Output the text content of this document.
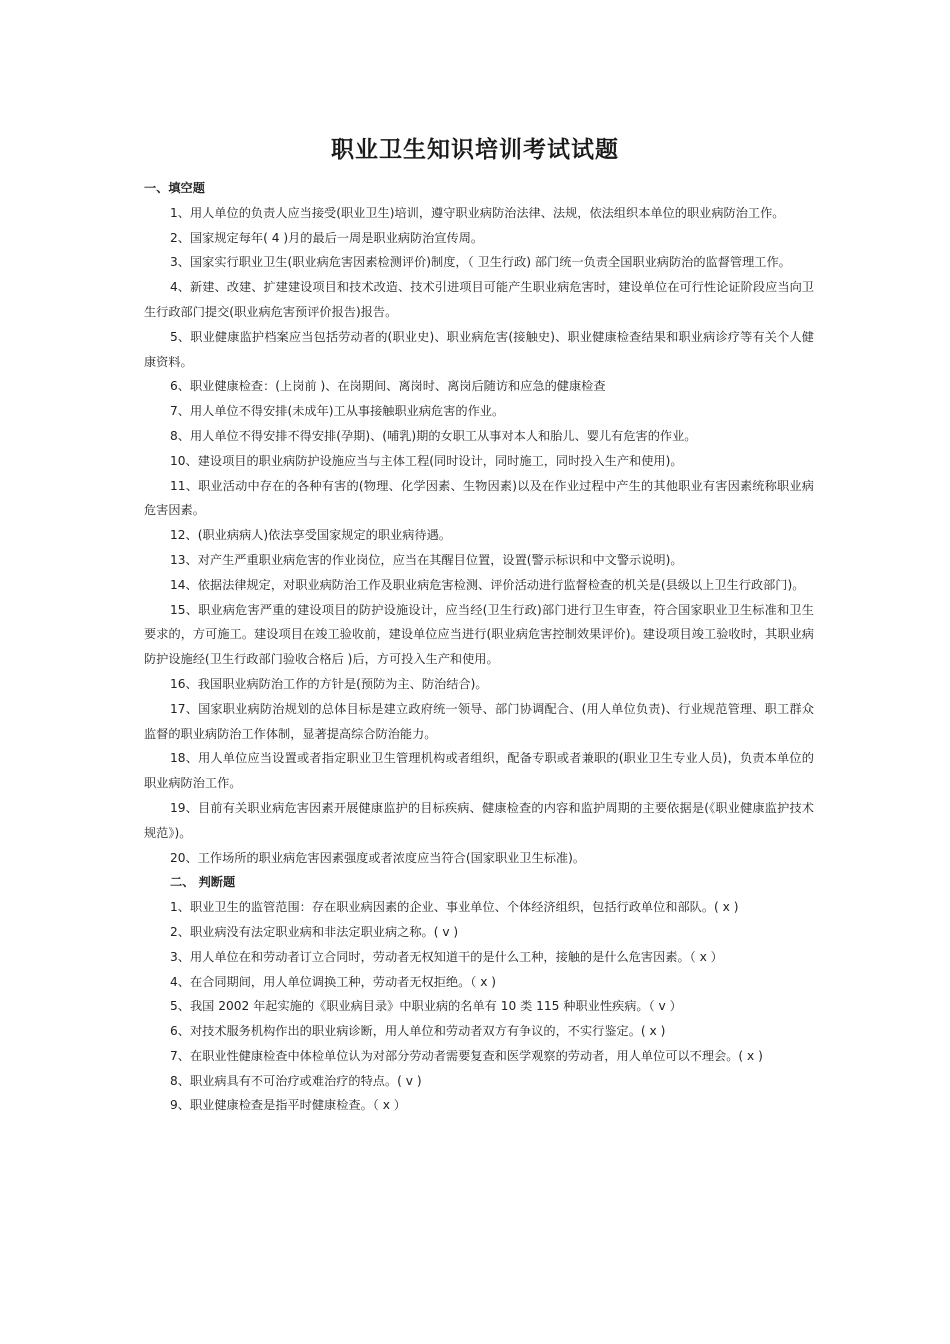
职业卫生知识培训考试试题
一、填空题

1、用人单位的负责人应当接受(职业卫生)培训，遵守职业病防治法律、法规，依法组织本单位的职业病防治工作。

2、国家规定每年( 4 )月的最后一周是职业病防治宣传周。

3、国家实行职业卫生(职业病危害因素检测评价)制度，（ 卫生行政) 部门统一负责全国职业病防治的监督管理工作。

4、新建、改建、扩建建设项目和技术改造、技术引进项目可能产生职业病危害时，建设单位在可行性论证阶段应当向卫生行政部门提交(职业病危害预评价报告)报告。

5、职业健康监护档案应当包括劳动者的(职业史)、职业病危害(接触史)、职业健康检查结果和职业病诊疗等有关个人健康资料。

6、职业健康检查：(上岗前 )、在岗期间、离岗时、离岗后随访和应急的健康检查

7、用人单位不得安排(未成年)工从事接触职业病危害的作业。

8、用人单位不得安排不得安排(孕期)、(哺乳)期的女职工从事对本人和胎儿、婴儿有危害的作业。

10、建设项目的职业病防护设施应当与主体工程(同时设计，同时施工，同时投入生产和使用)。

11、职业活动中存在的各种有害的(物理、化学因素、生物因素)以及在作业过程中产生的其他职业有害因素统称职业病危害因素。

12、(职业病病人)依法享受国家规定的职业病待遇。

13、对产生严重职业病危害的作业岗位，应当在其醒目位置，设置(警示标识和中文警示说明)。

14、依据法律规定，对职业病防治工作及职业病危害检测、评价活动进行监督检查的机关是(县级以上卫生行政部门)。

15、职业病危害严重的建设项目的防护设施设计，应当经(卫生行政)部门进行卫生审查，符合国家职业卫生标准和卫生要求的，方可施工。建设项目在竣工验收前，建设单位应当进行(职业病危害控制效果评价)。建设项目竣工验收时，其职业病防护设施经(卫生行政部门验收合格后 )后，方可投入生产和使用。

16、我国职业病防治工作的方针是(预防为主、防治结合)。

17、国家职业病防治规划的总体目标是建立政府统一领导、部门协调配合、(用人单位负责)、行业规范管理、职工群众监督的职业病防治工作体制，显著提高综合防治能力。

18、用人单位应当设置或者指定职业卫生管理机构或者组织，配备专职或者兼职的(职业卫生专业人员)，负责本单位的职业病防治工作。

19、目前有关职业病危害因素开展健康监护的目标疾病、健康检查的内容和监护周期的主要依据是(《职业健康监护技术规范》)。

20、工作场所的职业病危害因素强度或者浓度应当符合(国家职业卫生标准)。

二、 判断题

1、职业卫生的监管范围：存在职业病因素的企业、事业单位、个体经济组织，包括行政单位和部队。( x )

2、职业病没有法定职业病和非法定职业病之称。( v )

3、用人单位在和劳动者订立合同时，劳动者无权知道干的是什么工种，接触的是什么危害因素。（ x ）

4、在合同期间，用人单位调换工种，劳动者无权拒绝。（ x )

5、我国 2002 年起实施的《职业病目录》中职业病的名单有 10 类 115 种职业性疾病。（ v ）

6、对技术服务机构作出的职业病诊断，用人单位和劳动者双方有争议的，不实行鉴定。( x )

7、在职业性健康检查中体检单位认为对部分劳动者需要复查和医学观察的劳动者，用人单位可以不理会。( x )

8、职业病具有不可治疗或难治疗的特点。( v )

9、职业健康检查是指平时健康检查。（ x ）
